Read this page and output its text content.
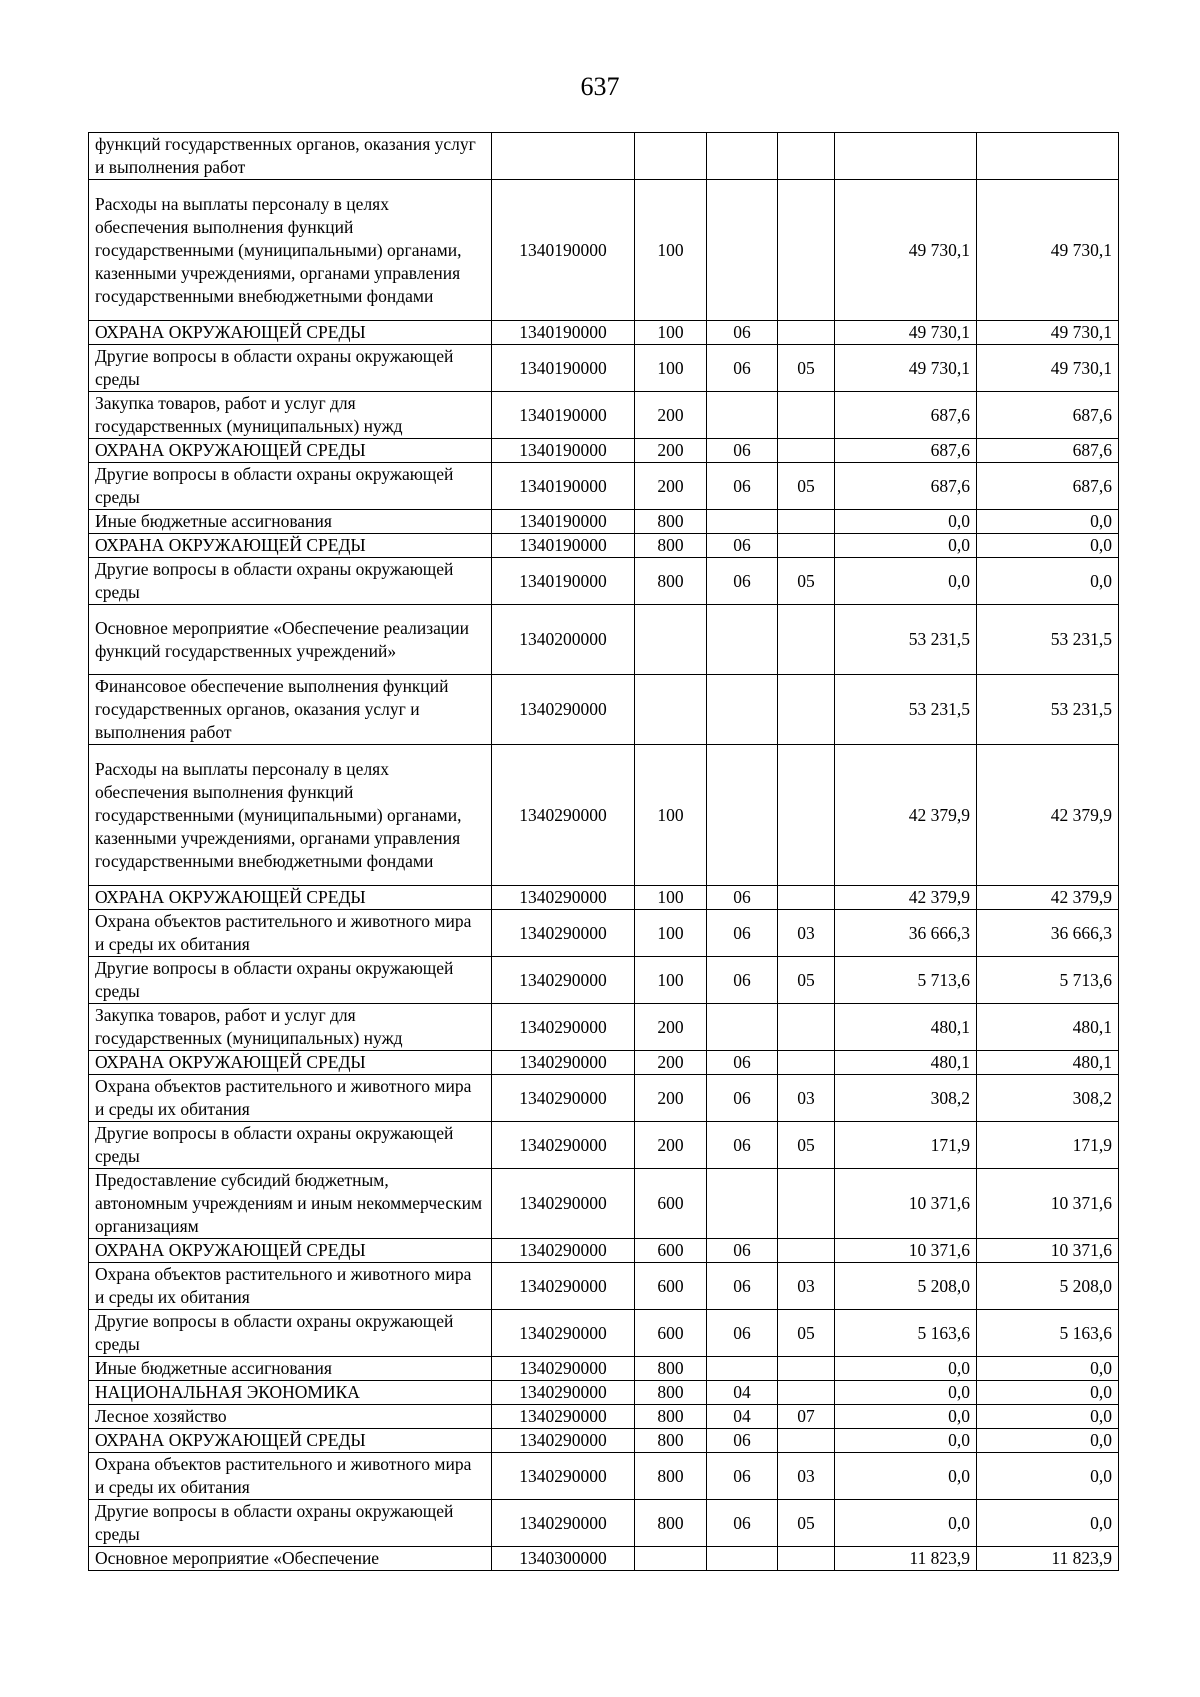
637
функций государственных органов, оказания услуг и выполнения работ						
Расходы на выплаты персоналу в целях обеспечения выполнения функций государственными (муниципальными) органами, казенными учреждениями, органами управления государственными внебюджетными фондами	1340190000	100			49 730,1	49 730,1
ОХРАНА ОКРУЖАЮЩЕЙ СРЕДЫ	1340190000	100	06		49 730,1	49 730,1
Другие вопросы в области охраны окружающей среды	1340190000	100	06	05	49 730,1	49 730,1
Закупка товаров, работ и услуг для государственных (муниципальных) нужд	1340190000	200			687,6	687,6
ОХРАНА ОКРУЖАЮЩЕЙ СРЕДЫ	1340190000	200	06		687,6	687,6
Другие вопросы в области охраны окружающей среды	1340190000	200	06	05	687,6	687,6
Иные бюджетные ассигнования	1340190000	800			0,0	0,0
ОХРАНА ОКРУЖАЮЩЕЙ СРЕДЫ	1340190000	800	06		0,0	0,0
Другие вопросы в области охраны окружающей среды	1340190000	800	06	05	0,0	0,0
Основное мероприятие «Обеспечение реализации функций государственных учреждений»	1340200000				53 231,5	53 231,5
Финансовое обеспечение выполнения функций государственных органов, оказания услуг и выполнения работ	1340290000				53 231,5	53 231,5
Расходы на выплаты персоналу в целях обеспечения выполнения функций государственными (муниципальными) органами, казенными учреждениями, органами управления государственными внебюджетными фондами	1340290000	100			42 379,9	42 379,9
ОХРАНА ОКРУЖАЮЩЕЙ СРЕДЫ	1340290000	100	06		42 379,9	42 379,9
Охрана объектов растительного и животного мира и среды их обитания	1340290000	100	06	03	36 666,3	36 666,3
Другие вопросы в области охраны окружающей среды	1340290000	100	06	05	5 713,6	5 713,6
Закупка товаров, работ и услуг для государственных (муниципальных) нужд	1340290000	200			480,1	480,1
ОХРАНА ОКРУЖАЮЩЕЙ СРЕДЫ	1340290000	200	06		480,1	480,1
Охрана объектов растительного и животного мира и среды их обитания	1340290000	200	06	03	308,2	308,2
Другие вопросы в области охраны окружающей среды	1340290000	200	06	05	171,9	171,9
Предоставление субсидий бюджетным, автономным учреждениям и иным некоммерческим организациям	1340290000	600			10 371,6	10 371,6
ОХРАНА ОКРУЖАЮЩЕЙ СРЕДЫ	1340290000	600	06		10 371,6	10 371,6
Охрана объектов растительного и животного мира и среды их обитания	1340290000	600	06	03	5 208,0	5 208,0
Другие вопросы в области охраны окружающей среды	1340290000	600	06	05	5 163,6	5 163,6
Иные бюджетные ассигнования	1340290000	800			0,0	0,0
НАЦИОНАЛЬНАЯ ЭКОНОМИКА	1340290000	800	04		0,0	0,0
Лесное хозяйство	1340290000	800	04	07	0,0	0,0
ОХРАНА ОКРУЖАЮЩЕЙ СРЕДЫ	1340290000	800	06		0,0	0,0
Охрана объектов растительного и животного мира и среды их обитания	1340290000	800	06	03	0,0	0,0
Другие вопросы в области охраны окружающей среды	1340290000	800	06	05	0,0	0,0
Основное мероприятие «Обеспечение	1340300000				11 823,9	11 823,9
